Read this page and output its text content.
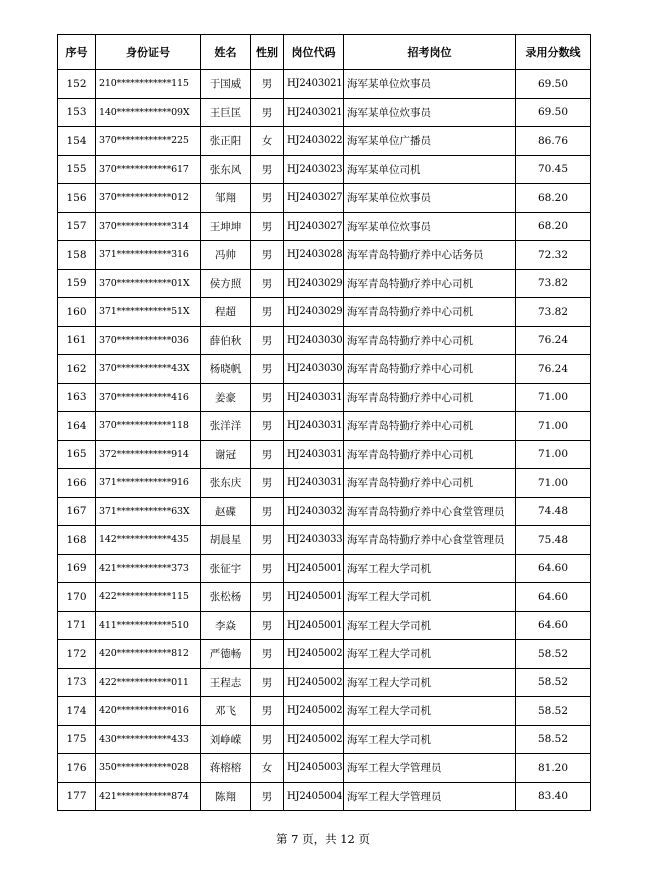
序号	身份证号	姓名	性别	岗位代码	招考岗位	录用分数线
152	210************115	于国威	男	HJ2403021	海军某单位炊事员	69.50
153	140************09X	王巨匡	男	HJ2403021	海军某单位炊事员	69.50
154	370************225	张正阳	女	HJ2403022	海军某单位广播员	86.76
155	370************617	张东风	男	HJ2403023	海军某单位司机	70.45
156	370************012	邹翔	男	HJ2403027	海军某单位炊事员	68.20
157	370************314	王坤坤	男	HJ2403027	海军某单位炊事员	68.20
158	371************316	冯帅	男	HJ2403028	海军青岛特勤疗养中心话务员	72.32
159	370************01X	侯方照	男	HJ2403029	海军青岛特勤疗养中心司机	73.82
160	371************51X	程超	男	HJ2403029	海军青岛特勤疗养中心司机	73.82
161	370************036	薛伯秋	男	HJ2403030	海军青岛特勤疗养中心司机	76.24
162	370************43X	杨晓帆	男	HJ2403030	海军青岛特勤疗养中心司机	76.24
163	370************416	姜豪	男	HJ2403031	海军青岛特勤疗养中心司机	71.00
164	370************118	张洋洋	男	HJ2403031	海军青岛特勤疗养中心司机	71.00
165	372************914	谢冠	男	HJ2403031	海军青岛特勤疗养中心司机	71.00
166	371************916	张东庆	男	HJ2403031	海军青岛特勤疗养中心司机	71.00
167	371************63X	赵碟	男	HJ2403032	海军青岛特勤疗养中心食堂管理员	74.48
168	142************435	胡晨星	男	HJ2403033	海军青岛特勤疗养中心食堂管理员	75.48
169	421************373	张征宇	男	HJ2405001	海军工程大学司机	64.60
170	422************115	张松杨	男	HJ2405001	海军工程大学司机	64.60
171	411************510	李焱	男	HJ2405001	海军工程大学司机	64.60
172	420************812	严德畅	男	HJ2405002	海军工程大学司机	58.52
173	422************011	王程志	男	HJ2405002	海军工程大学司机	58.52
174	420************016	邓飞	男	HJ2405002	海军工程大学司机	58.52
175	430************433	刘峥嵘	男	HJ2405002	海军工程大学司机	58.52
176	350************028	蒋榕榕	女	HJ2405003	海军工程大学管理员	81.20
177	421************874	陈翔	男	HJ2405004	海军工程大学管理员	83.40
第 7 页，共 12 页
